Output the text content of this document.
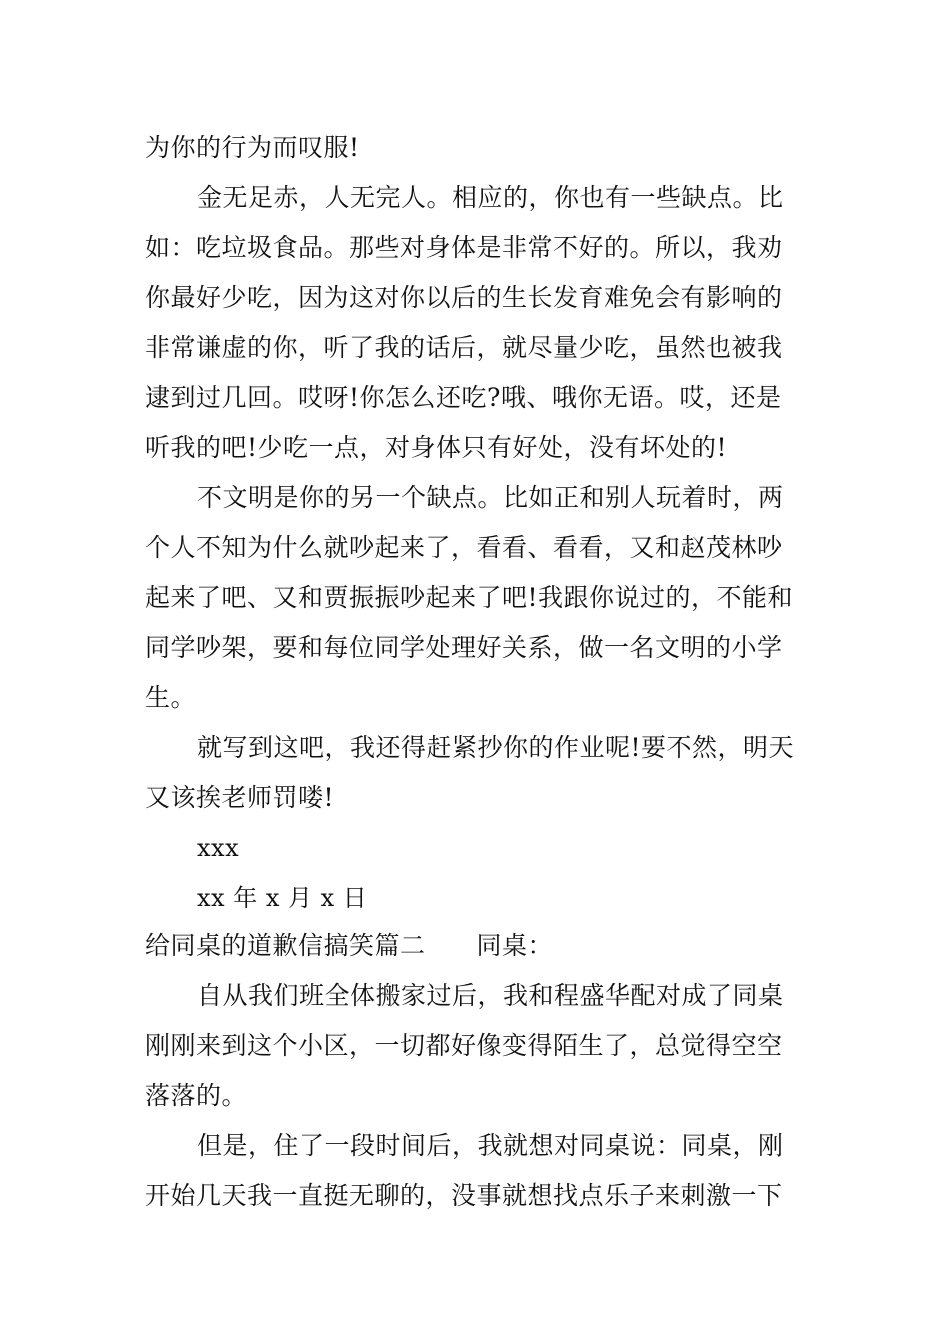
为你的行为而叹服!
金无足赤，人无完人。相应的，你也有一些缺点。比
如：吃垃圾食品。那些对身体是非常不好的。所以，我劝
你最好少吃，因为这对你以后的生长发育难免会有影响的
非常谦虚的你，听了我的话后，就尽量少吃，虽然也被我
逮到过几回。哎呀!你怎么还吃?哦、哦你无语。哎，还是
听我的吧!少吃一点，对身体只有好处，没有坏处的!
不文明是你的另一个缺点。比如正和别人玩着时，两
个人不知为什么就吵起来了，看看、看看，又和赵茂林吵
起来了吧、又和贾振振吵起来了吧!我跟你说过的，不能和
同学吵架，要和每位同学处理好关系，做一名文明的小学
生。
就写到这吧，我还得赶紧抄你的作业呢!要不然，明天
又该挨老师罚喽!
xxx
xx 年 x 月 x 日
给同桌的道歉信搞笑篇二　　同桌：
自从我们班全体搬家过后，我和程盛华配对成了同桌
刚刚来到这个小区，一切都好像变得陌生了，总觉得空空
落落的。
但是，住了一段时间后，我就想对同桌说：同桌，刚
开始几天我一直挺无聊的，没事就想找点乐子来刺激一下
